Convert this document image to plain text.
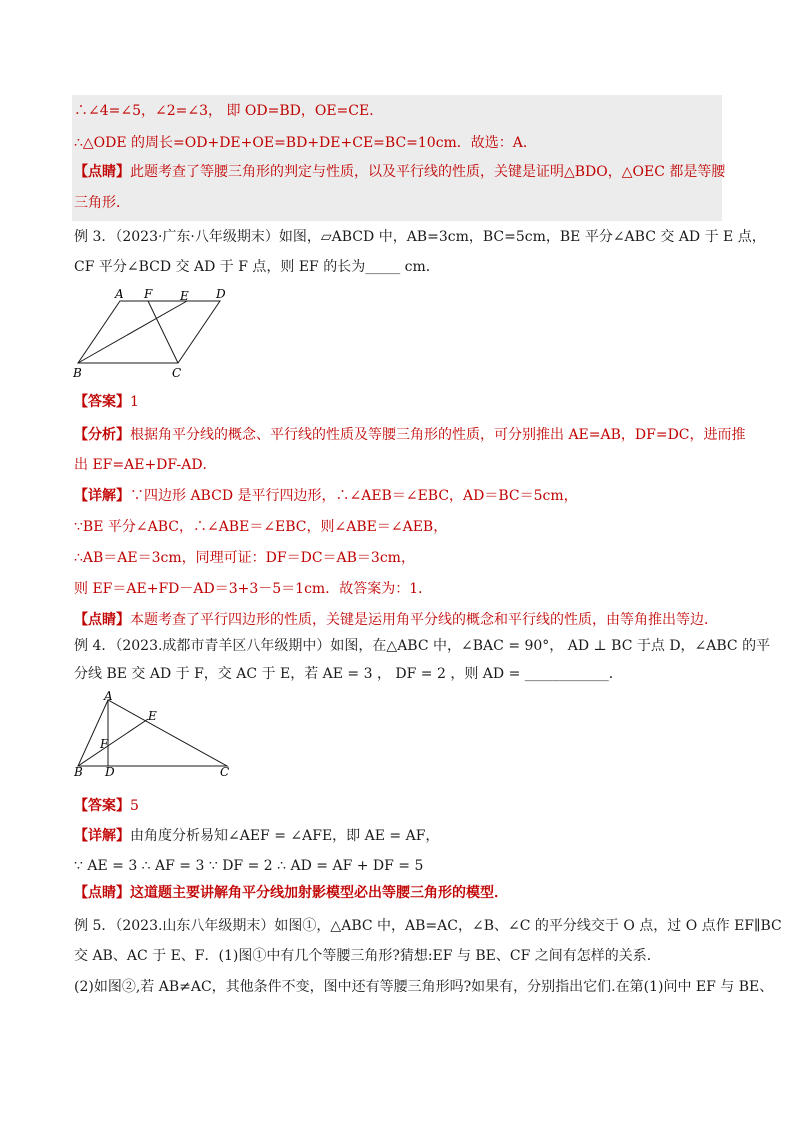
∴∠4=∠5，∠2=∠3， 即 OD=BD，OE=CE．
∴△ODE 的周长=OD+DE+OE=BD+DE+CE=BC=10cm．故选：A．
【点睛】此题考查了等腰三角形的判定与性质，以及平行线的性质，关键是证明△BDO，△OEC 都是等腰
三角形．
例 3．（2023·广东·八年级期末）如图，▱ABCD 中，AB=3cm，BC=5cm，BE 平分∠ABC 交 AD 于 E 点，
CF 平分∠BCD 交 AD 于 F 点，则 EF 的长为_____ cm．
A F E D
B	C
【答案】1
【分析】根据角平分线的概念、平行线的性质及等腰三角形的性质，可分别推出 AE=AB，DF=DC，进而推
出 EF=AE+DF-AD．
【详解】∵四边形 ABCD 是平行四边形，∴∠AEB＝∠EBC，AD＝BC＝5cm，
∵BE 平分∠ABC，∴∠ABE＝∠EBC，则∠ABE＝∠AEB，
∴AB＝AE＝3cm，同理可证：DF＝DC＝AB＝3cm，
则 EF＝AE+FD－AD＝3+3－5＝1cm．故答案为：1．
【点睛】本题考查了平行四边形的性质，关键是运用角平分线的概念和平行线的性质，由等角推出等边．
例 4．（2023.成都市青羊区八年级期中）如图，在△ABC 中，∠BAC = 90°， AD ⊥ BC 于点 D，∠ABC 的平
分线 BE 交 AD 于 F，交 AC 于 E，若 AE = 3 ， DF = 2 ，则 AD = ____________．
A
E
F
B D	C
【答案】5
【详解】由角度分析易知∠AEF = ∠AFE，即 AE = AF，
∵ AE = 3 ∴ AF = 3 ∵ DF = 2 ∴ AD = AF + DF = 5
【点睛】这道题主要讲解角平分线加射影模型必出等腰三角形的模型．
例 5．（2023.山东八年级期末）如图①，△ABC 中，AB=AC，∠B、∠C 的平分线交于 O 点，过 O 点作 EF∥BC
交 AB、AC 于 E、F．(1)图①中有几个等腰三角形?猜想:EF 与 BE、CF 之间有怎样的关系．
(2)如图②,若 AB≠AC，其他条件不变，图中还有等腰三角形吗?如果有，分别指出它们.在第(1)问中 EF 与 BE、
